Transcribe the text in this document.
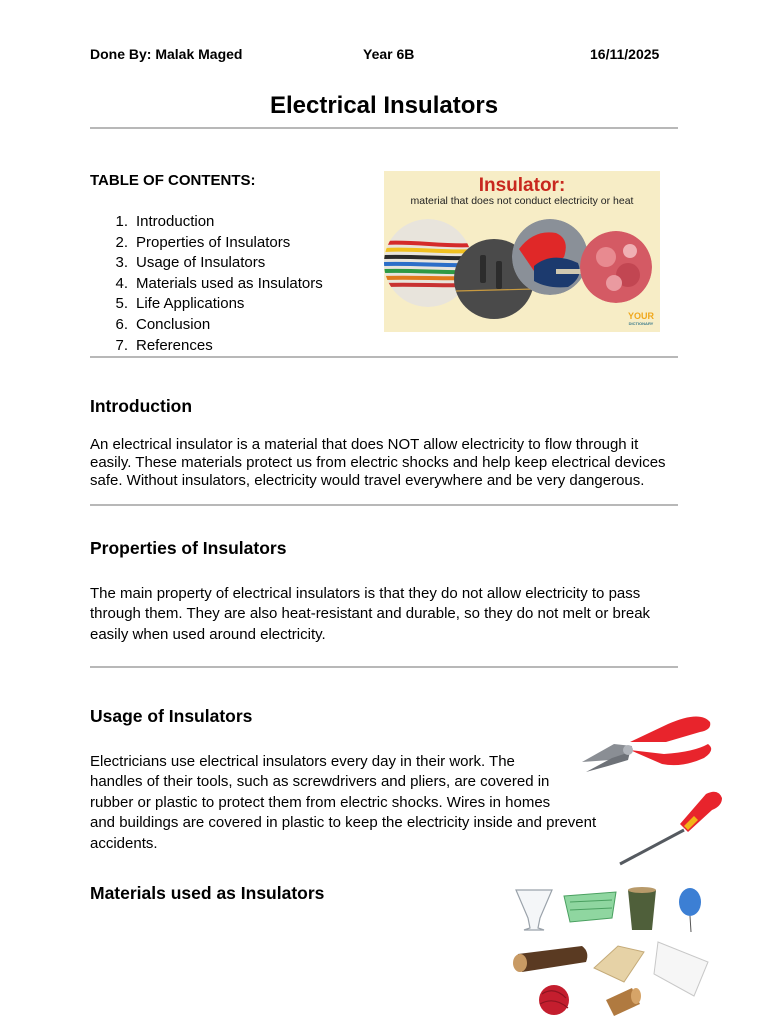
Done By: Malak Maged	Year 6B	16/11/2025
Electrical Insulators
TABLE OF CONTENTS:
1. Introduction
2. Properties of Insulators
3. Usage of Insulators
4. Materials used as Insulators
5. Life Applications
6. Conclusion
7. References
Insulator:
material that does not conduct electricity or heat
YOUR
DICTIONARY
Introduction
An electrical insulator is a material that does NOT allow electricity to flow through it
easily. These materials protect us from electric shocks and help keep electrical devices
safe. Without insulators, electricity would travel everywhere and be very dangerous.
Properties of Insulators
The main property of electrical insulators is that they do not allow electricity to pass
through them. They are also heat-resistant and durable, so they do not melt or break
easily when used around electricity.
Usage of Insulators
Electricians use electrical insulators every day in their work. The
handles of their tools, such as screwdrivers and pliers, are covered in
rubber or plastic to protect them from electric shocks. Wires in homes
and buildings are covered in plastic to keep the electricity inside and prevent
accidents.
Materials used as Insulators
